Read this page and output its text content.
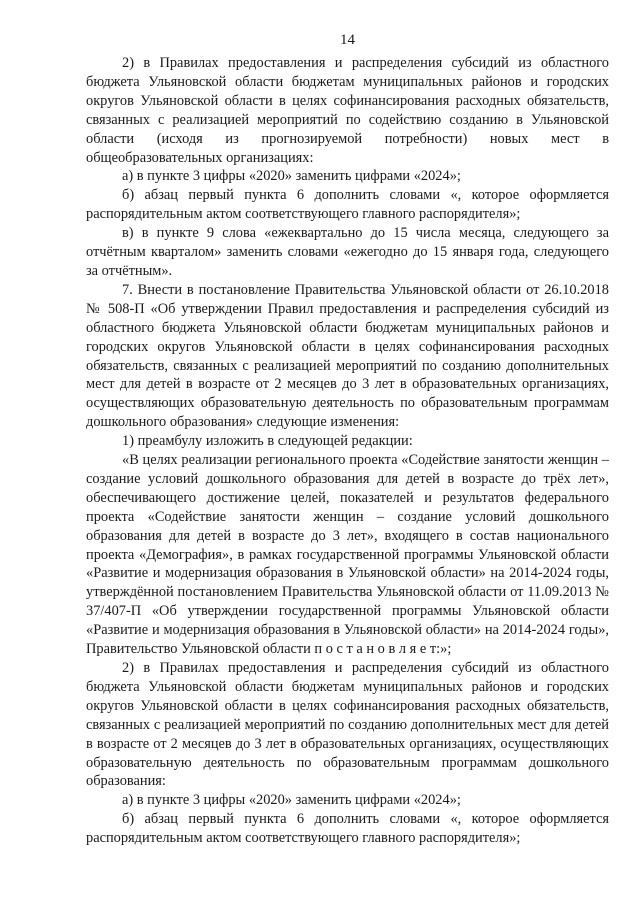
14

2) в Правилах предоставления и распределения субсидий из областного бюджета Ульяновской области бюджетам муниципальных районов и городских округов Ульяновской области в целях софинансирования расходных обязательств, связанных с реализацией мероприятий по содействию созданию в Ульяновской области (исходя из прогнозируемой потребности) новых мест в общеобразовательных организациях:

а) в пункте 3 цифры «2020» заменить цифрами «2024»;

б) абзац первый пункта 6 дополнить словами «, которое оформляется распорядительным актом соответствующего главного распорядителя»;

в) в пункте 9 слова «ежеквартально до 15 числа месяца, следующего за отчётным кварталом» заменить словами «ежегодно до 15 января года, следующего за отчётным».

7. Внести в постановление Правительства Ульяновской области от 26.10.2018 № 508-П «Об утверждении Правил предоставления и распределения субсидий из областного бюджета Ульяновской области бюджетам муниципальных районов и городских округов Ульяновской области в целях софинансирования расходных обязательств, связанных с реализацией мероприятий по созданию дополнительных мест для детей в возрасте от 2 месяцев до 3 лет в образовательных организациях, осуществляющих образовательную деятельность по образовательным программам дошкольного образования» следующие изменения:

1) преамбулу изложить в следующей редакции:

«В целях реализации регионального проекта «Содействие занятости женщин – создание условий дошкольного образования для детей в возрасте до трёх лет», обеспечивающего достижение целей, показателей и результатов федерального проекта «Содействие занятости женщин – создание условий дошкольного образования для детей в возрасте до 3 лет», входящего в состав национального проекта «Демография», в рамках государственной программы Ульяновской области «Развитие и модернизация образования в Ульяновской области» на 2014-2024 годы, утверждённой постановлением Правительства Ульяновской области от 11.09.2013 № 37/407-П «Об утверждении государственной программы Ульяновской области «Развитие и модернизация образования в Ульяновской области» на 2014-2024 годы», Правительство Ульяновской области п о с т а н о в л я е т:»;

2) в Правилах предоставления и распределения субсидий из областного бюджета Ульяновской области бюджетам муниципальных районов и городских округов Ульяновской области в целях софинансирования расходных обязательств, связанных с реализацией мероприятий по созданию дополнительных мест для детей в возрасте от 2 месяцев до 3 лет в образовательных организациях, осуществляющих образовательную деятельность по образовательным программам дошкольного образования:

а) в пункте 3 цифры «2020» заменить цифрами «2024»;

б) абзац первый пункта 6 дополнить словами «, которое оформляется распорядительным актом соответствующего главного распорядителя»;
